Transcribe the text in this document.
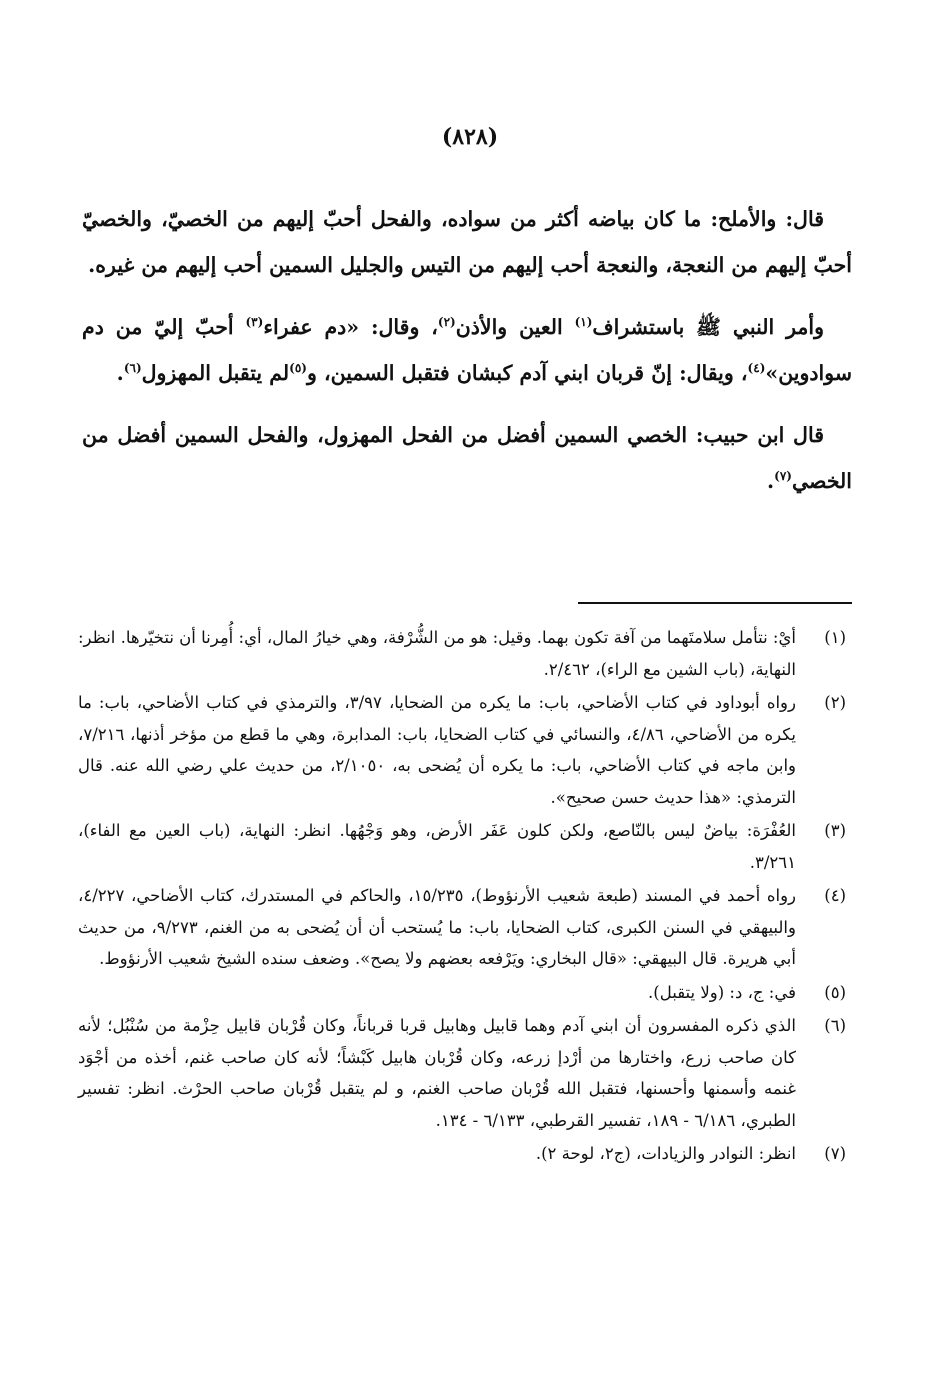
(٨٢٨)

قال: والأملح: ما كان بياضه أكثر من سواده، والفحل أحبّ إليهم من الخصيّ، والخصيّ أحبّ إليهم من النعجة، والنعجة أحب إليهم من التيس والجليل السمين أحب إليهم من غيره.

وأمر النبي ﷺ باستشراف$^{(١)}$ العين والأذن$^{(٢)}$، وقال: «دم عفراء$^{(٣)}$ أحبّ إليّ من دم سوادوين»$^{(٤)}$، ويقال: إنّ قربان ابني آدم كبشان فتقبل السمين، و$^{(٥)}$لم يتقبل المهزول$^{(٦)}$.

قال ابن حبيب: الخصي السمين أفضل من الفحل المهزول، والفحل السمين أفضل من الخصي$^{(٧)}$.

(١)
أيْ: نتأمل سلامتَهما من آفة تكون بهما. وقيل: هو من الشُّرْفة، وهي خيارُ المال، أي: أُمِرنا أن نتخيّرها. انظر: النهاية، (باب الشين مع الراء)، ٢/٤٦٢.
(٢)
رواه أبوداود في كتاب الأضاحي، باب: ما يكره من الضحايا، ٣/٩٧، والترمذي في كتاب الأضاحي، باب: ما يكره من الأضاحي، ٤/٨٦، والنسائي في كتاب الضحايا، باب: المدابرة، وهي ما قطع من مؤخر أذنها، ٧/٢١٦، وابن ماجه في كتاب الأضاحي، باب: ما يكره أن يُضحى به، ٢/١٠٥٠، من حديث علي رضي الله عنه. قال الترمذي: «هذا حديث حسن صحيح».
(٣)
العُفْرَة: بياضٌ ليس بالنّاصع، ولكن كلون عَفَر الأرض، وهو وَجْهُها. انظر: النهاية، (باب العين مع الفاء)، ٣/٢٦١.
(٤)
رواه أحمد في المسند (طبعة شعيب الأرنؤوط)، ١٥/٢٣٥، والحاكم في المستدرك، كتاب الأضاحي، ٤/٢٢٧، والبيهقي في السنن الكبرى، كتاب الضحايا، باب: ما يُستحب أن أن يُضحى به من الغنم، ٩/٢٧٣، من حديث أبي هريرة. قال البيهقي: «قال البخاري: ويَرْفعه بعضهم ولا يصح». وضعف سنده الشيخ شعيب الأرنؤوط.
(٥)
في: ج، د: (ولا يتقبل).
(٦)
الذي ذكره المفسرون أن ابني آدم وهما قابيل وهابيل قربا قرباناً، وكان قُرْبان قابيل حِزْمة من سُنْبُل؛ لأنه كان صاحب زرع، واختارها من أرْدإ زرعه، وكان قُرْبان هابيل كَبْشاً؛ لأنه كان صاحب غنم، أخذه من أجْوَد غنمه وأسمنها وأحسنها، فتقبل الله قُرْبان صاحب الغنم، و لم يتقبل قُرْبان صاحب الحرْث. انظر: تفسير الطبري، ٦/١٨٦ - ١٨٩، تفسير القرطبي، ٦/١٣٣ - ١٣٤.
(٧)
انظر: النوادر والزيادات، (ج٢، لوحة ٢).
